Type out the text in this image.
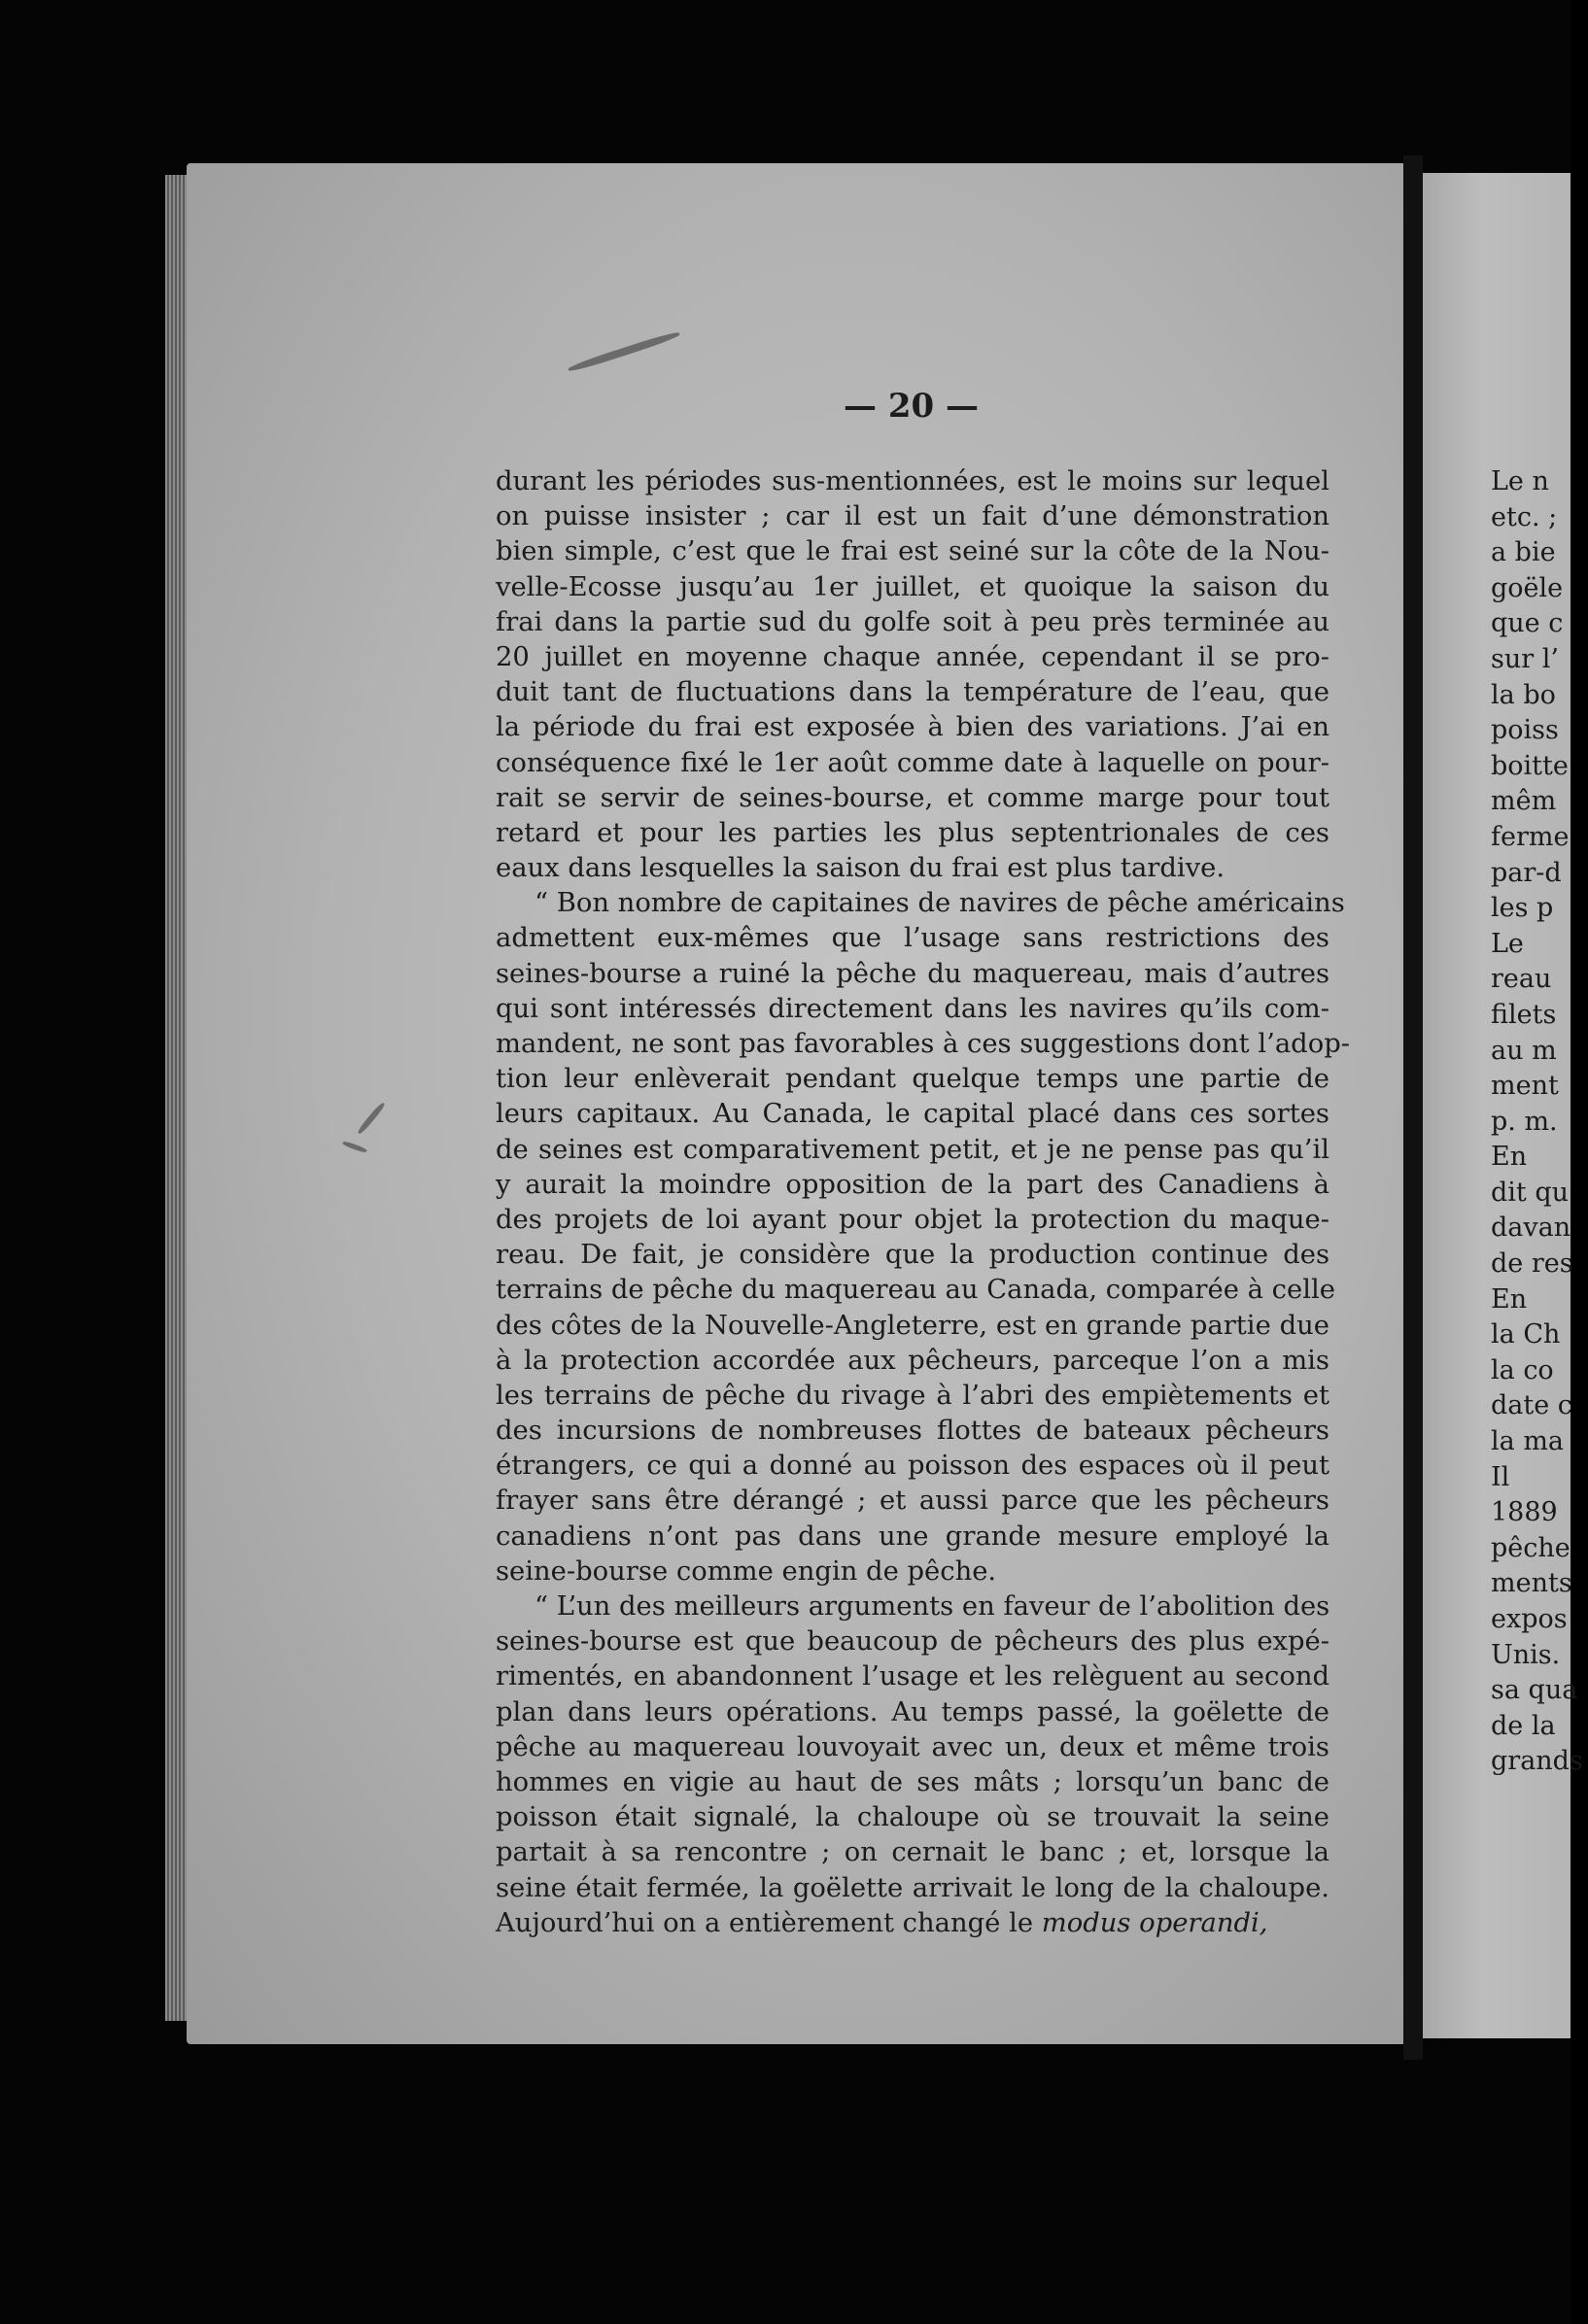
— 20 —
durant les périodes sus-mentionnées, est le moins sur lequel
on puisse insister ; car il est un fait d’une démonstration
bien simple, c’est que le frai est seiné sur la côte de la Nou-
velle-Ecosse jusqu’au 1er juillet, et quoique la saison du
frai dans la partie sud du golfe soit à peu près terminée au
20 juillet en moyenne chaque année, cependant il se pro-
duit tant de fluctuations dans la température de l’eau, que
la période du frai est exposée à bien des variations. J’ai en
conséquence fixé le 1er août comme date à laquelle on pour-
rait se servir de seines-bourse, et comme marge pour tout
retard et pour les parties les plus septentrionales de ces
eaux dans lesquelles la saison du frai est plus tardive.
“ Bon nombre de capitaines de navires de pêche américains
admettent eux-mêmes que l’usage sans restrictions des
seines-bourse a ruiné la pêche du maquereau, mais d’autres
qui sont intéressés directement dans les navires qu’ils com-
mandent, ne sont pas favorables à ces suggestions dont l’adop-
tion leur enlèverait pendant quelque temps une partie de
leurs capitaux. Au Canada, le capital placé dans ces sortes
de seines est comparativement petit, et je ne pense pas qu’il
y aurait la moindre opposition de la part des Canadiens à
des projets de loi ayant pour objet la protection du maque-
reau. De fait, je considère que la production continue des
terrains de pêche du maquereau au Canada, comparée à celle
des côtes de la Nouvelle-Angleterre, est en grande partie due
à la protection accordée aux pêcheurs, parceque l’on a mis
les terrains de pêche du rivage à l’abri des empiètements et
des incursions de nombreuses flottes de bateaux pêcheurs
étrangers, ce qui a donné au poisson des espaces où il peut
frayer sans être dérangé ; et aussi parce que les pêcheurs
canadiens n’ont pas dans une grande mesure employé la
seine-bourse comme engin de pêche.
“ L’un des meilleurs arguments en faveur de l’abolition des
seines-bourse est que beaucoup de pêcheurs des plus expé-
rimentés, en abandonnent l’usage et les relèguent au second
plan dans leurs opérations. Au temps passé, la goëlette de
pêche au maquereau louvoyait avec un, deux et même trois
hommes en vigie au haut de ses mâts ; lorsqu’un banc de
poisson était signalé, la chaloupe où se trouvait la seine
partait à sa rencontre ; on cernait le banc ; et, lorsque la
seine était fermée, la goëlette arrivait le long de la chaloupe.
Aujourd’hui on a entièrement changé le modus operandi,
Le n
etc. ;
a bie
goële
que c
sur l’
la bo
poiss
boitte
mêm
ferme
par-d
les p
Le
reau
filets
au m
ment
p. m.
En
dit qu
davan
de res
En
la Ch
la co
date c
la ma
Il
1889
pêche
ments
expos
Unis.
sa qua
de la
grands
